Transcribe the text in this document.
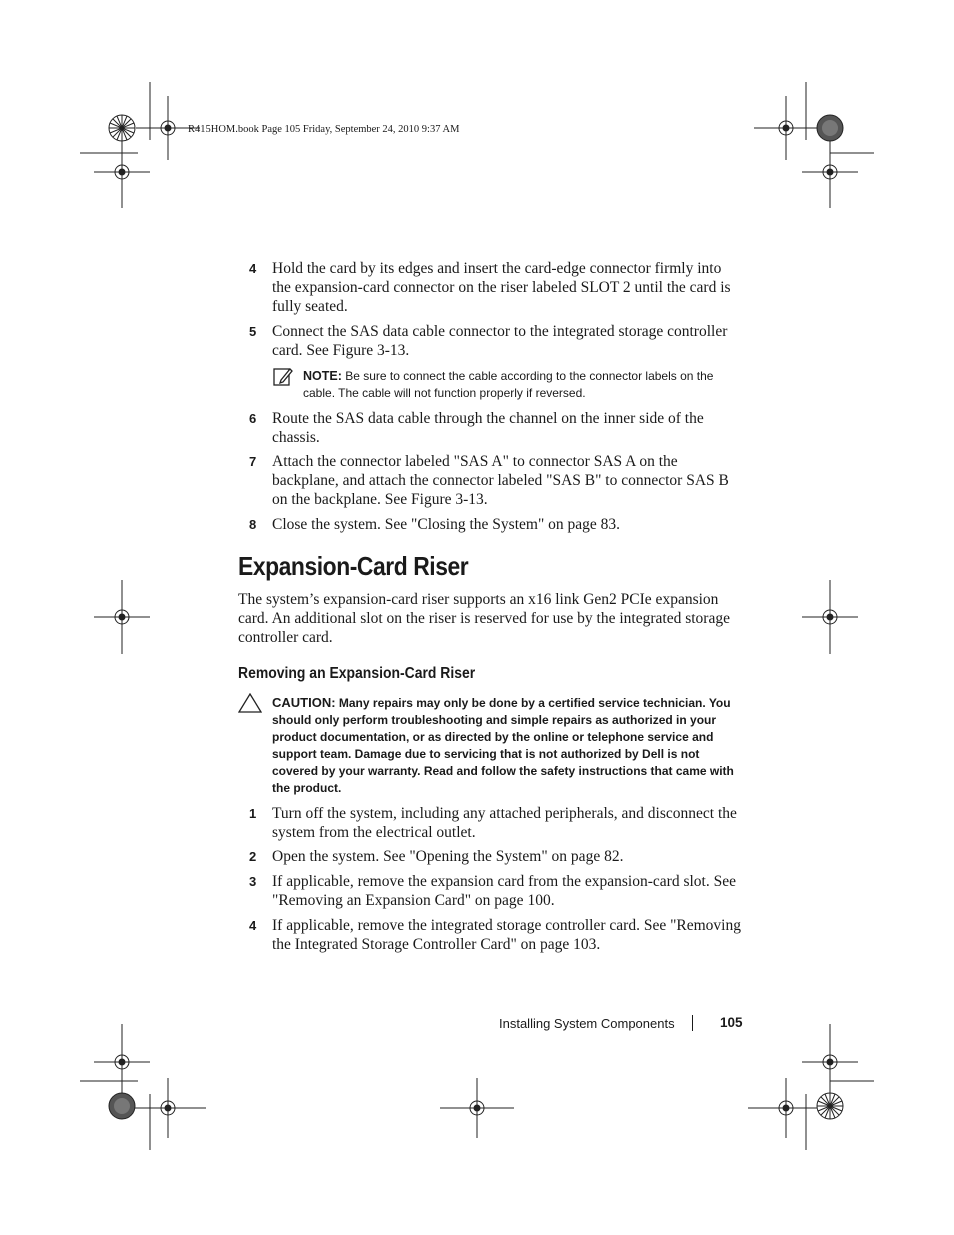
R415HOM.book Page 105 Friday, September 24, 2010 9:37 AM
4	Hold the card by its edges and insert the card-edge connector firmly into the expansion-card connector on the riser labeled SLOT 2 until the card is fully seated.
5	Connect the SAS data cable connector to the integrated storage controller card. See Figure 3-13.
NOTE: Be sure to connect the cable according to the connector labels on the cable. The cable will not function properly if reversed.
6	Route the SAS data cable through the channel on the inner side of the chassis.
7	Attach the connector labeled "SAS A" to connector SAS A on the backplane, and attach the connector labeled "SAS B" to connector SAS B on the backplane. See Figure 3-13.
8	Close the system. See "Closing the System" on page 83.
Expansion-Card Riser

The system’s expansion-card riser supports an x16 link Gen2 PCIe expansion card. An additional slot on the riser is reserved for use by the integrated storage controller card.

Removing an Expansion-Card Riser
CAUTION: Many repairs may only be done by a certified service technician. You should only perform troubleshooting and simple repairs as authorized in your product documentation, or as directed by the online or telephone service and support team. Damage due to servicing that is not authorized by Dell is not covered by your warranty. Read and follow the safety instructions that came with the product.
1	Turn off the system, including any attached peripherals, and disconnect the system from the electrical outlet.
2	Open the system. See "Opening the System" on page 82.
3	If applicable, remove the expansion card from the expansion-card slot. See "Removing an Expansion Card" on page 100.
4	If applicable, remove the integrated storage controller card. See "Removing the Integrated Storage Controller Card" on page 103.
Installing System Components	105
